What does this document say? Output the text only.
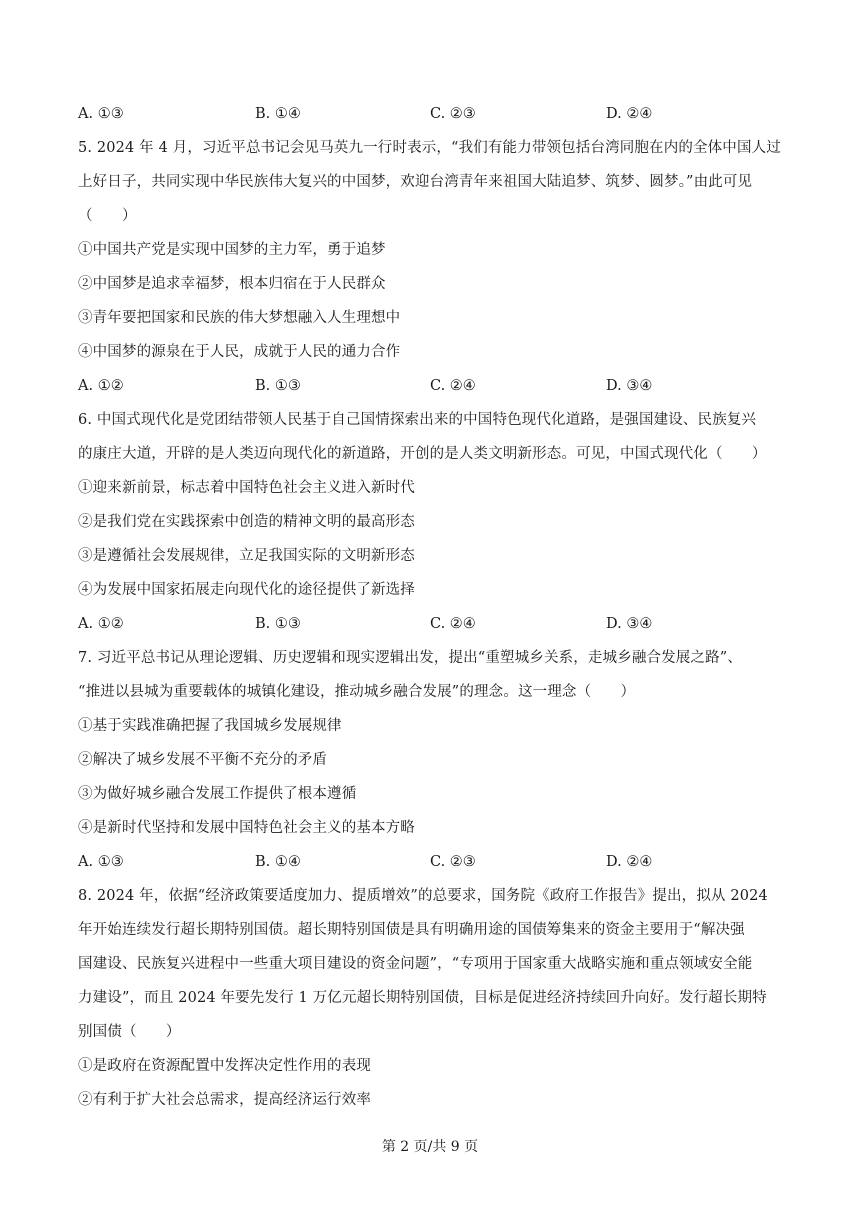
A. ①③	B. ①④	C. ②③	D. ②④
5. 2024 年 4 月，习近平总书记会见马英九一行时表示，“我们有能力带领包括台湾同胞在内的全体中国人过
上好日子，共同实现中华民族伟大复兴的中国梦，欢迎台湾青年来祖国大陆追梦、筑梦、圆梦。”由此可见
（　　）
①中国共产党是实现中国梦的主力军，勇于追梦
②中国梦是追求幸福梦，根本归宿在于人民群众
③青年要把国家和民族的伟大梦想融入人生理想中
④中国梦的源泉在于人民，成就于人民的通力合作
A. ①②	B. ①③	C. ②④	D. ③④
6. 中国式现代化是党团结带领人民基于自己国情探索出来的中国特色现代化道路，是强国建设、民族复兴
的康庄大道，开辟的是人类迈向现代化的新道路，开创的是人类文明新形态。可见，中国式现代化（　　）
①迎来新前景，标志着中国特色社会主义进入新时代
②是我们党在实践探索中创造的精神文明的最高形态
③是遵循社会发展规律，立足我国实际的文明新形态
④为发展中国家拓展走向现代化的途径提供了新选择
A. ①②	B. ①③	C. ②④	D. ③④
7. 习近平总书记从理论逻辑、历史逻辑和现实逻辑出发，提出“重塑城乡关系，走城乡融合发展之路”、
“推进以县城为重要载体的城镇化建设，推动城乡融合发展”的理念。这一理念（　　）
①基于实践准确把握了我国城乡发展规律
②解决了城乡发展不平衡不充分的矛盾
③为做好城乡融合发展工作提供了根本遵循
④是新时代坚持和发展中国特色社会主义的基本方略
A. ①③	B. ①④	C. ②③	D. ②④
8. 2024 年，依据“经济政策要适度加力、提质增效”的总要求，国务院《政府工作报告》提出，拟从 2024
年开始连续发行超长期特别国债。超长期特别国债是具有明确用途的国债筹集来的资金主要用于“解决强
国建设、民族复兴进程中一些重大项目建设的资金问题”，“专项用于国家重大战略实施和重点领域安全能
力建设”，而且 2024 年要先发行 1 万亿元超长期特别国债，目标是促进经济持续回升向好。发行超长期特
别国债（　　）
①是政府在资源配置中发挥决定性作用的表现
②有利于扩大社会总需求，提高经济运行效率
第 2 页/共 9 页
